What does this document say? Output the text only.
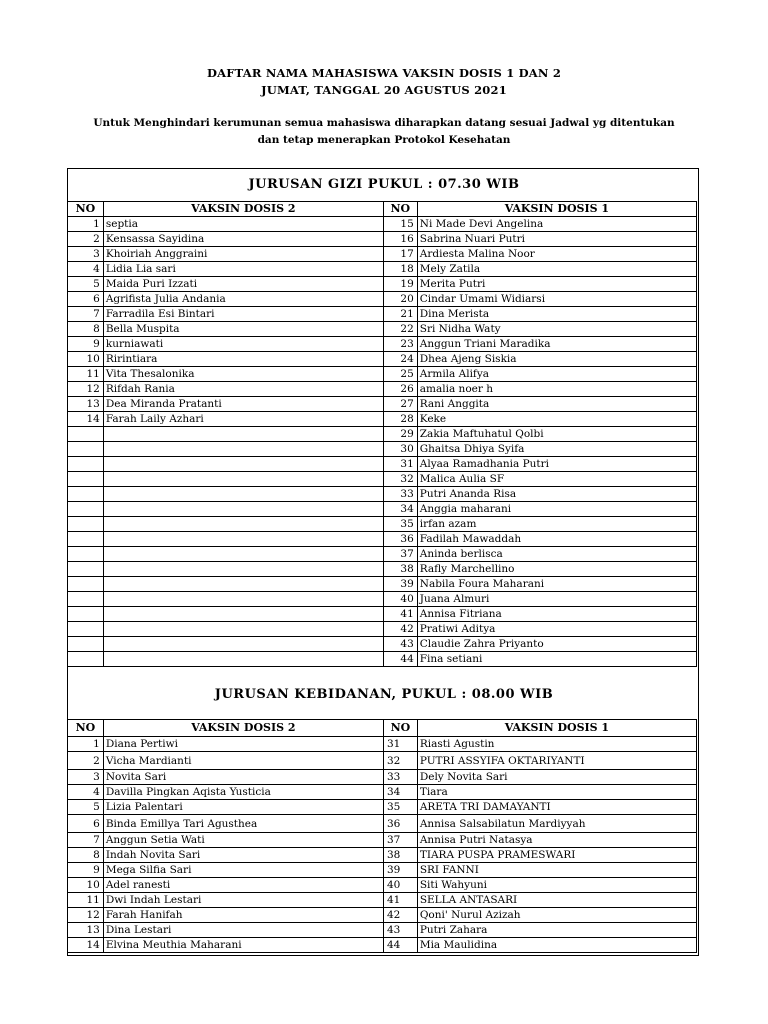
DAFTAR NAMA MAHASISWA VAKSIN DOSIS 1 DAN 2
JUMAT, TANGGAL 20 AGUSTUS 2021
Untuk Menghindari kerumunan semua mahasiswa diharapkan datang sesuai Jadwal yg ditentukan
dan tetap menerapkan Protokol Kesehatan
JURUSAN GIZI PUKUL : 07.30 WIB
NO	VAKSIN DOSIS 2	NO	VAKSIN DOSIS 1
1	septia	15	Ni Made Devi Angelina
2	Kensassa Sayidina	16	Sabrina Nuari Putri
3	Khoiriah Anggraini	17	Ardiesta Malina Noor
4	Lidia Lia sari	18	Mely Zatila
5	Maida Puri Izzati	19	Merita Putri
6	Agrifista Julia Andania	20	Cindar Umami Widiarsi
7	Farradila Esi Bintari	21	Dina Merista
8	Bella Muspita	22	Sri Nidha Waty
9	kurniawati	23	Anggun Triani Maradika
10	Ririntiara	24	Dhea Ajeng Siskia
11	Vita Thesalonika	25	Armila Alifya
12	Rifdah Rania	26	amalia noer h
13	Dea Miranda Pratanti	27	Rani Anggita
14	Farah Laily Azhari	28	Keke
		29	Zakia Maftuhatul Qolbi
		30	Ghaitsa Dhiya Syifa
		31	Alyaa Ramadhania Putri
		32	Malica Aulia SF
		33	Putri Ananda Risa
		34	Anggia maharani
		35	irfan azam
		36	Fadilah Mawaddah
		37	Aninda berlisca
		38	Rafly Marchellino
		39	Nabila Foura Maharani
		40	Juana Almuri
		41	Annisa Fitriana
		42	Pratiwi Aditya
		43	Claudie Zahra Priyanto
		44	Fina setiani
JURUSAN KEBIDANAN, PUKUL : 08.00 WIB
NO	VAKSIN DOSIS 2	NO	VAKSIN DOSIS 1
1	Diana Pertiwi	31	Riasti Agustin
2	Vicha Mardianti	32	PUTRI ASSYIFA OKTARIYANTI
3	Novita Sari	33	Dely Novita Sari
4	Davilla Pingkan Aqista Yusticia	34	Tiara
5	Lizia Palentari	35	ARETA TRI DAMAYANTI
6	Binda Emillya Tari Agusthea	36	Annisa Salsabilatun Mardiyyah
7	Anggun Setia Wati	37	Annisa Putri Natasya
8	Indah Novita Sari	38	TIARA PUSPA PRAMESWARI
9	Mega Silfia Sari	39	SRI FANNI
10	Adel ranesti	40	Siti Wahyuni
11	Dwi Indah Lestari	41	SELLA ANTASARI
12	Farah Hanifah	42	Qoni' Nurul Azizah
13	Dina Lestari	43	Putri Zahara
14	Elvina Meuthia Maharani	44	Mia Maulidina
